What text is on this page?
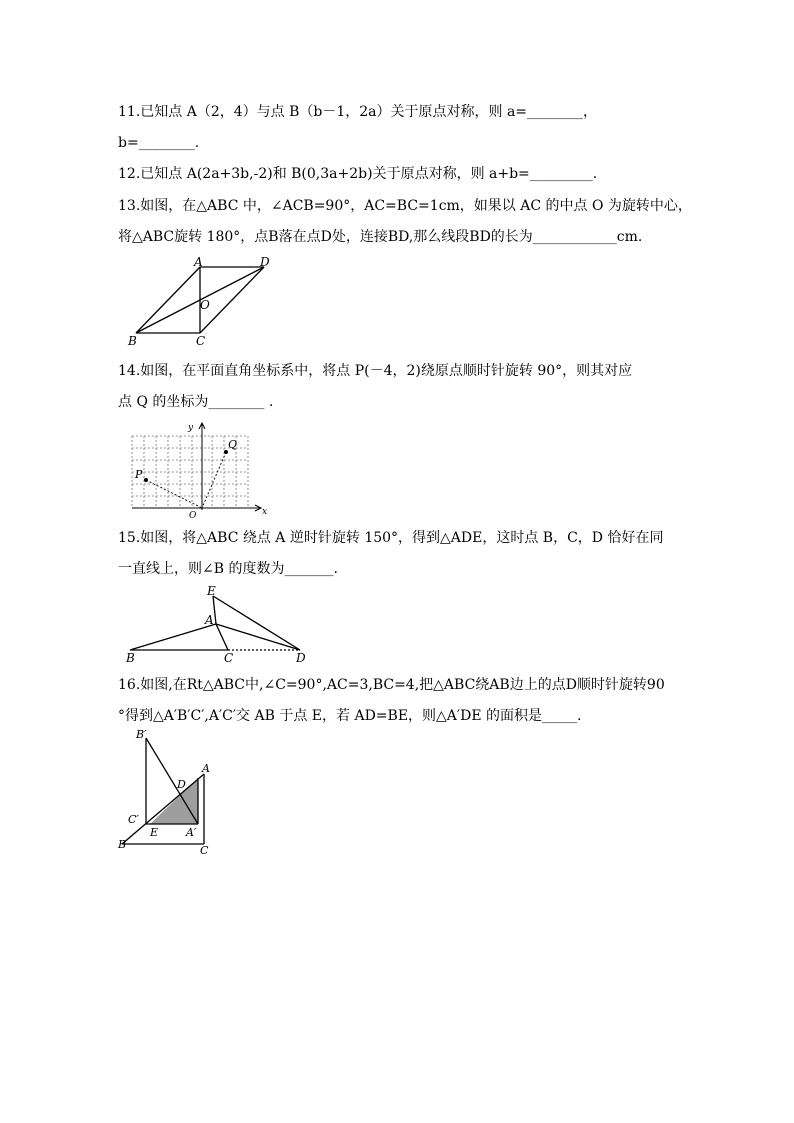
11.已知点 A（2，4）与点 B（b－1，2a）关于原点对称，则 a=________，
b=________.
12.已知点 A(2a+3b,-2)和 B(0,3a+2b)关于原点对称，则 a+b=_________.
13.如图，在△ABC 中，∠ACB=90°，AC=BC=1cm，如果以 AC 的中点 O 为旋转中心，
将△ABC旋转 180°，点B落在点D处，连接BD,那么线段BD的长为____________cm.
A	D
O
B	C
14.如图，在平面直角坐标系中，将点 P(－4，2)绕原点顺时针旋转 90°，则其对应
点 Q 的坐标为________ .
y
Q
P
O	x
15.如图，将△ABC 绕点 A 逆时针旋转 150°，得到△ADE，这时点 B，C，D 恰好在同
一直线上，则∠B 的度数为_______.
E
A
B	C	D
16.如图,在Rt△ABC中,∠C=90°,AC=3,BC=4,把△ABC绕AB边上的点D顺时针旋转90
°得到△A′B′C′,A′C′交 AB 于点 E，若 AD=BE，则△A′DE 的面积是_____.
B′
D
A
C′
E	A′
B	C
